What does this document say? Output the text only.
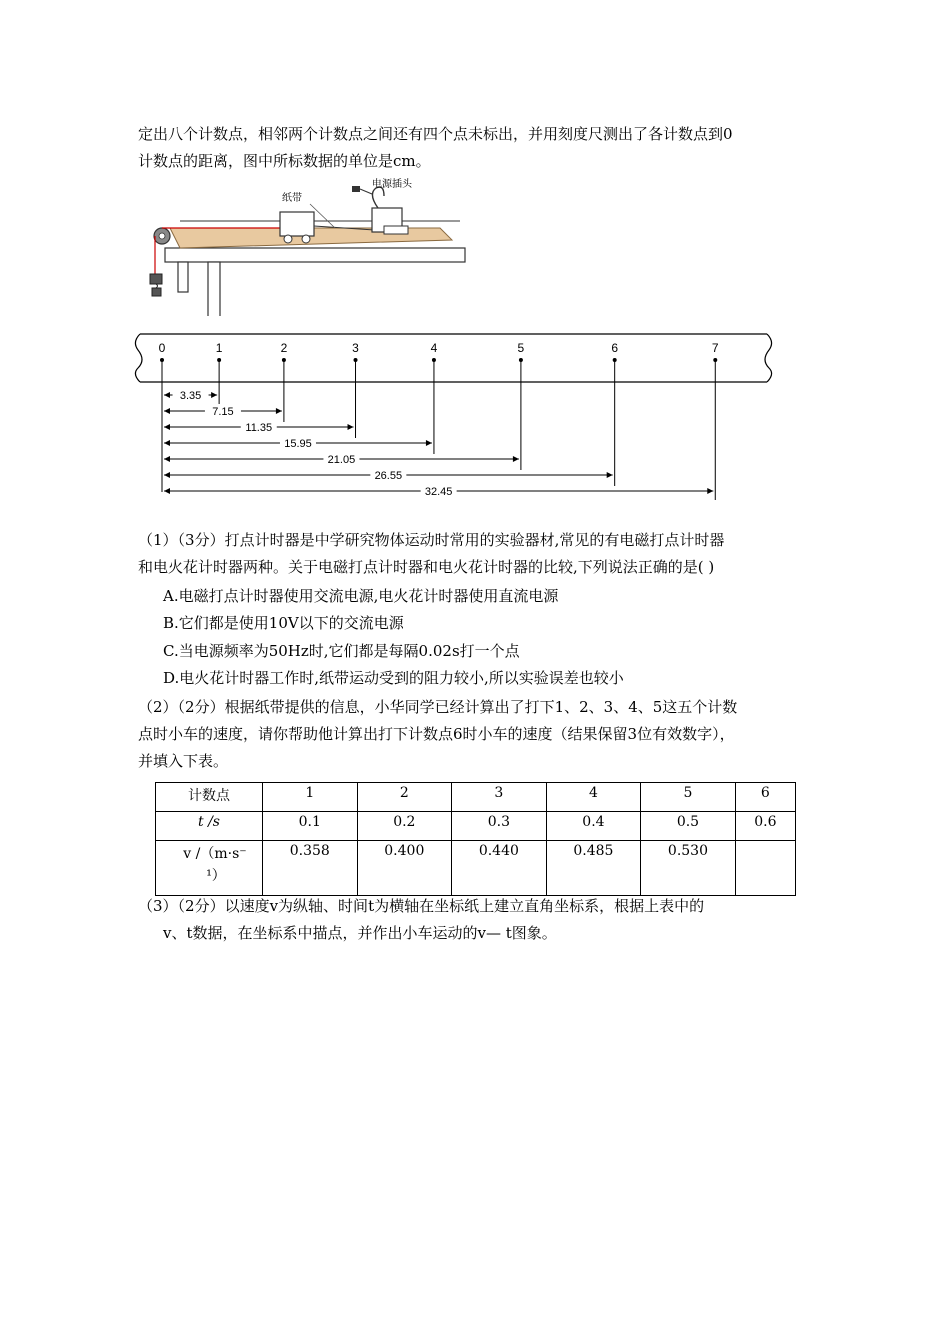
定出八个计数点，相邻两个计数点之间还有四个点未标出，并用刻度尺测出了各计数点到0
计数点的距离，图中所标数据的单位是cm。
纸带
电源插头
0	1	2	3	4	5	6	7
3.35
7.15
11.35
15.95
21.05
26.55
32.45
（1）（3分）打点计时器是中学研究物体运动时常用的实验器材,常见的有电磁打点计时器
和电火花计时器两种。关于电磁打点计时器和电火花计时器的比较,下列说法正确的是( )
A.电磁打点计时器使用交流电源,电火花计时器使用直流电源
B.它们都是使用10V以下的交流电源
C.当电源频率为50Hz时,它们都是每隔0.02s打一个点
D.电火花计时器工作时,纸带运动受到的阻力较小,所以实验误差也较小
（2）（2分）根据纸带提供的信息，小华同学已经计算出了打下1、2、3、4、5这五个计数
点时小车的速度，请你帮助他计算出打下计数点6时小车的速度（结果保留3位有效数字），
并填入下表。
计数点	1	2	3	4	5	6
t /s	0.1	0.2	0.3	0.4	0.5	0.6
v /（m·s⁻
¹）	0.358	0.400	0.440	0.485	0.530	
（3）（2分）以速度v为纵轴、时间t为横轴在坐标纸上建立直角坐标系，根据上表中的
v、t数据，在坐标系中描点，并作出小车运动的v— t图象。
